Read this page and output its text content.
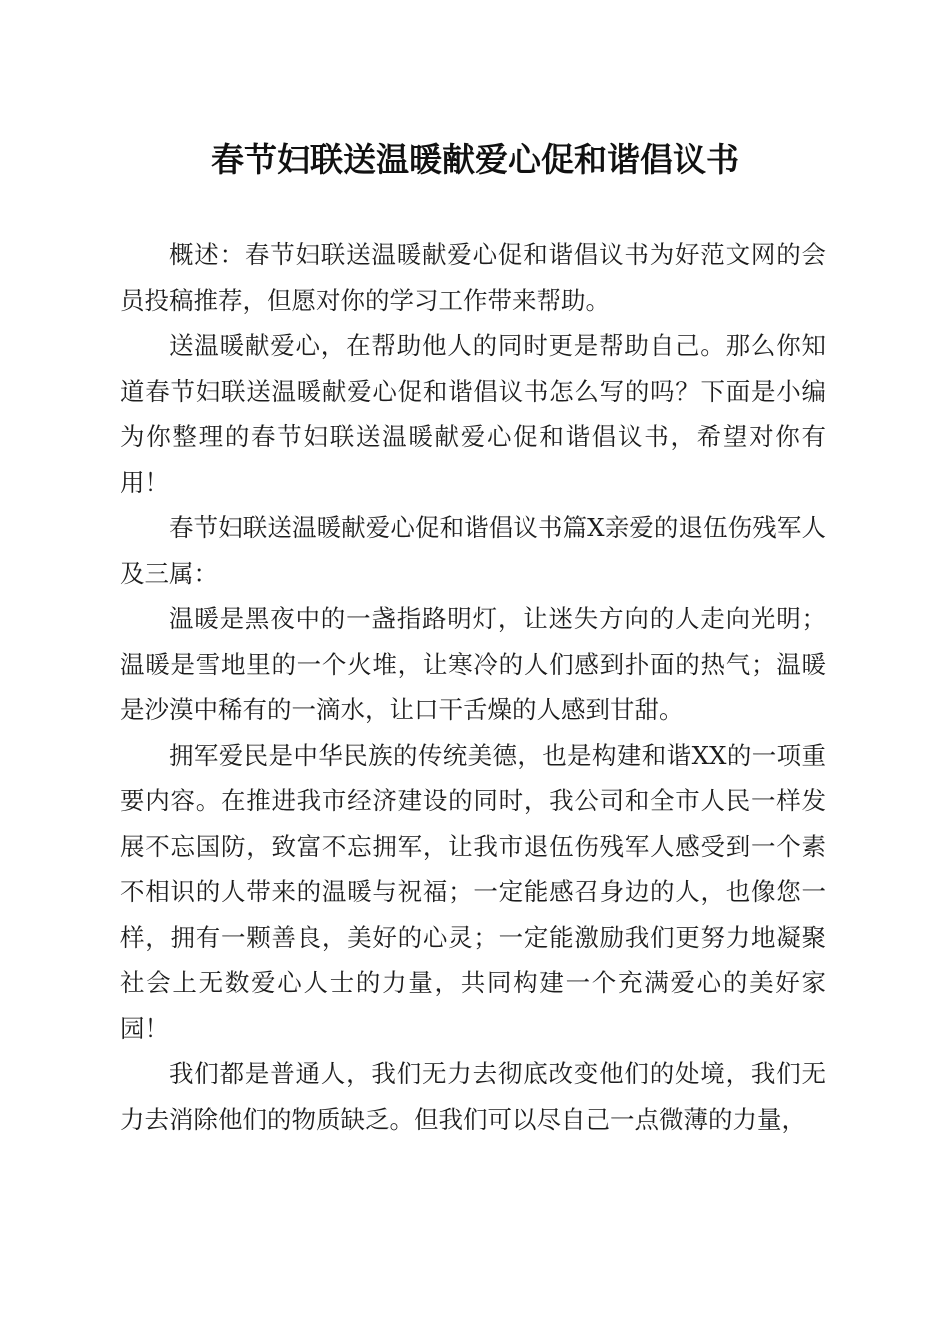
春节妇联送温暖献爱心促和谐倡议书

概述：春节妇联送温暖献爱心促和谐倡议书为好范文网的会员投稿推荐，但愿对你的学习工作带来帮助。

送温暖献爱心，在帮助他人的同时更是帮助自己。那么你知道春节妇联送温暖献爱心促和谐倡议书怎么写的吗？下面是小编为你整理的春节妇联送温暖献爱心促和谐倡议书，希望对你有用！

春节妇联送温暖献爱心促和谐倡议书篇X亲爱的退伍伤残军人及三属：

温暖是黑夜中的一盏指路明灯，让迷失方向的人走向光明；温暖是雪地里的一个火堆，让寒冷的人们感到扑面的热气；温暖是沙漠中稀有的一滴水，让口干舌燥的人感到甘甜。

拥军爱民是中华民族的传统美德，也是构建和谐XX的一项重要内容。在推进我市经济建设的同时，我公司和全市人民一样发展不忘国防，致富不忘拥军，让我市退伍伤残军人感受到一个素不相识的人带来的温暖与祝福；一定能感召身边的人，也像您一样，拥有一颗善良，美好的心灵；一定能激励我们更努力地凝聚社会上无数爱心人士的力量，共同构建一个充满爱心的美好家园！

我们都是普通人，我们无力去彻底改变他们的处境，我们无力去消除他们的物质缺乏。但我们可以尽自己一点微薄的力量，
